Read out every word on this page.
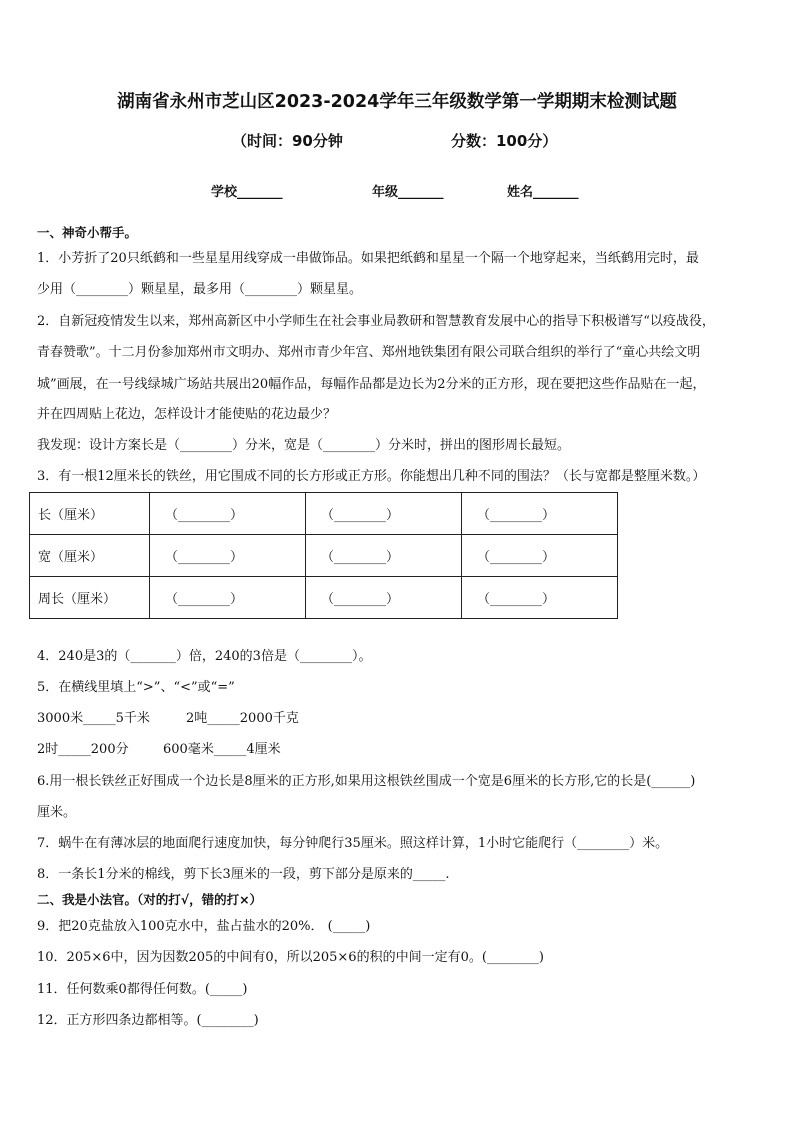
湖南省永州市芝山区2023-2024学年三年级数学第一学期期末检测试题
（时间：90分钟	分数：100分）
学校_______	年级_______	姓名_______
一、神奇小帮手。
1．小芳折了20只纸鹤和一些星星用线穿成一串做饰品。如果把纸鹤和星星一个隔一个地穿起来，当纸鹤用完时，最
少用（________）颗星星，最多用（________）颗星星。
2．自新冠疫情发生以来，郑州高新区中小学师生在社会事业局教研和智慧教育发展中心的指导下积极谱写“以疫战役，
青春赞歌”。十二月份参加郑州市文明办、郑州市青少年宫、郑州地铁集团有限公司联合组织的举行了“童心共绘文明
城”画展，在一号线绿城广场站共展出20幅作品，每幅作品都是边长为2分米的正方形，现在要把这些作品贴在一起，
并在四周贴上花边，怎样设计才能使贴的花边最少？
我发现：设计方案长是（________）分米，宽是（________）分米时，拼出的图形周长最短。
3．有一根12厘米长的铁丝，用它围成不同的长方形或正方形。你能想出几种不同的围法？（长与宽都是整厘米数。）
长（厘米）	（________）	（________）	（________）
宽（厘米）	（________）	（________）	（________）
周长（厘米）	（________）	（________）	（________）
4．240是3的（_______）倍，240的3倍是（________）。
5．在横线里填上“>”、“<”或“=”
3000米_____5千米	2吨_____2000千克
2时_____200分	600毫米_____4厘米
6.用一根长铁丝正好围成一个边长是8厘米的正方形,如果用这根铁丝围成一个宽是6厘米的长方形,它的长是(______)
厘米。
7．蜗牛在有薄冰层的地面爬行速度加快，每分钟爬行35厘米。照这样计算，1小时它能爬行（________）米。
8．一条长1分米的棉线，剪下长3厘米的一段，剪下部分是原来的_____.
二、我是小法官。（对的打√，错的打×）
9．把20克盐放入100克水中，盐占盐水的20%． (_____)
10．205×6中，因为因数205的中间有0，所以205×6的积的中间一定有0。(________)
11．任何数乘0都得任何数。(_____)
12．正方形四条边都相等。(________)
